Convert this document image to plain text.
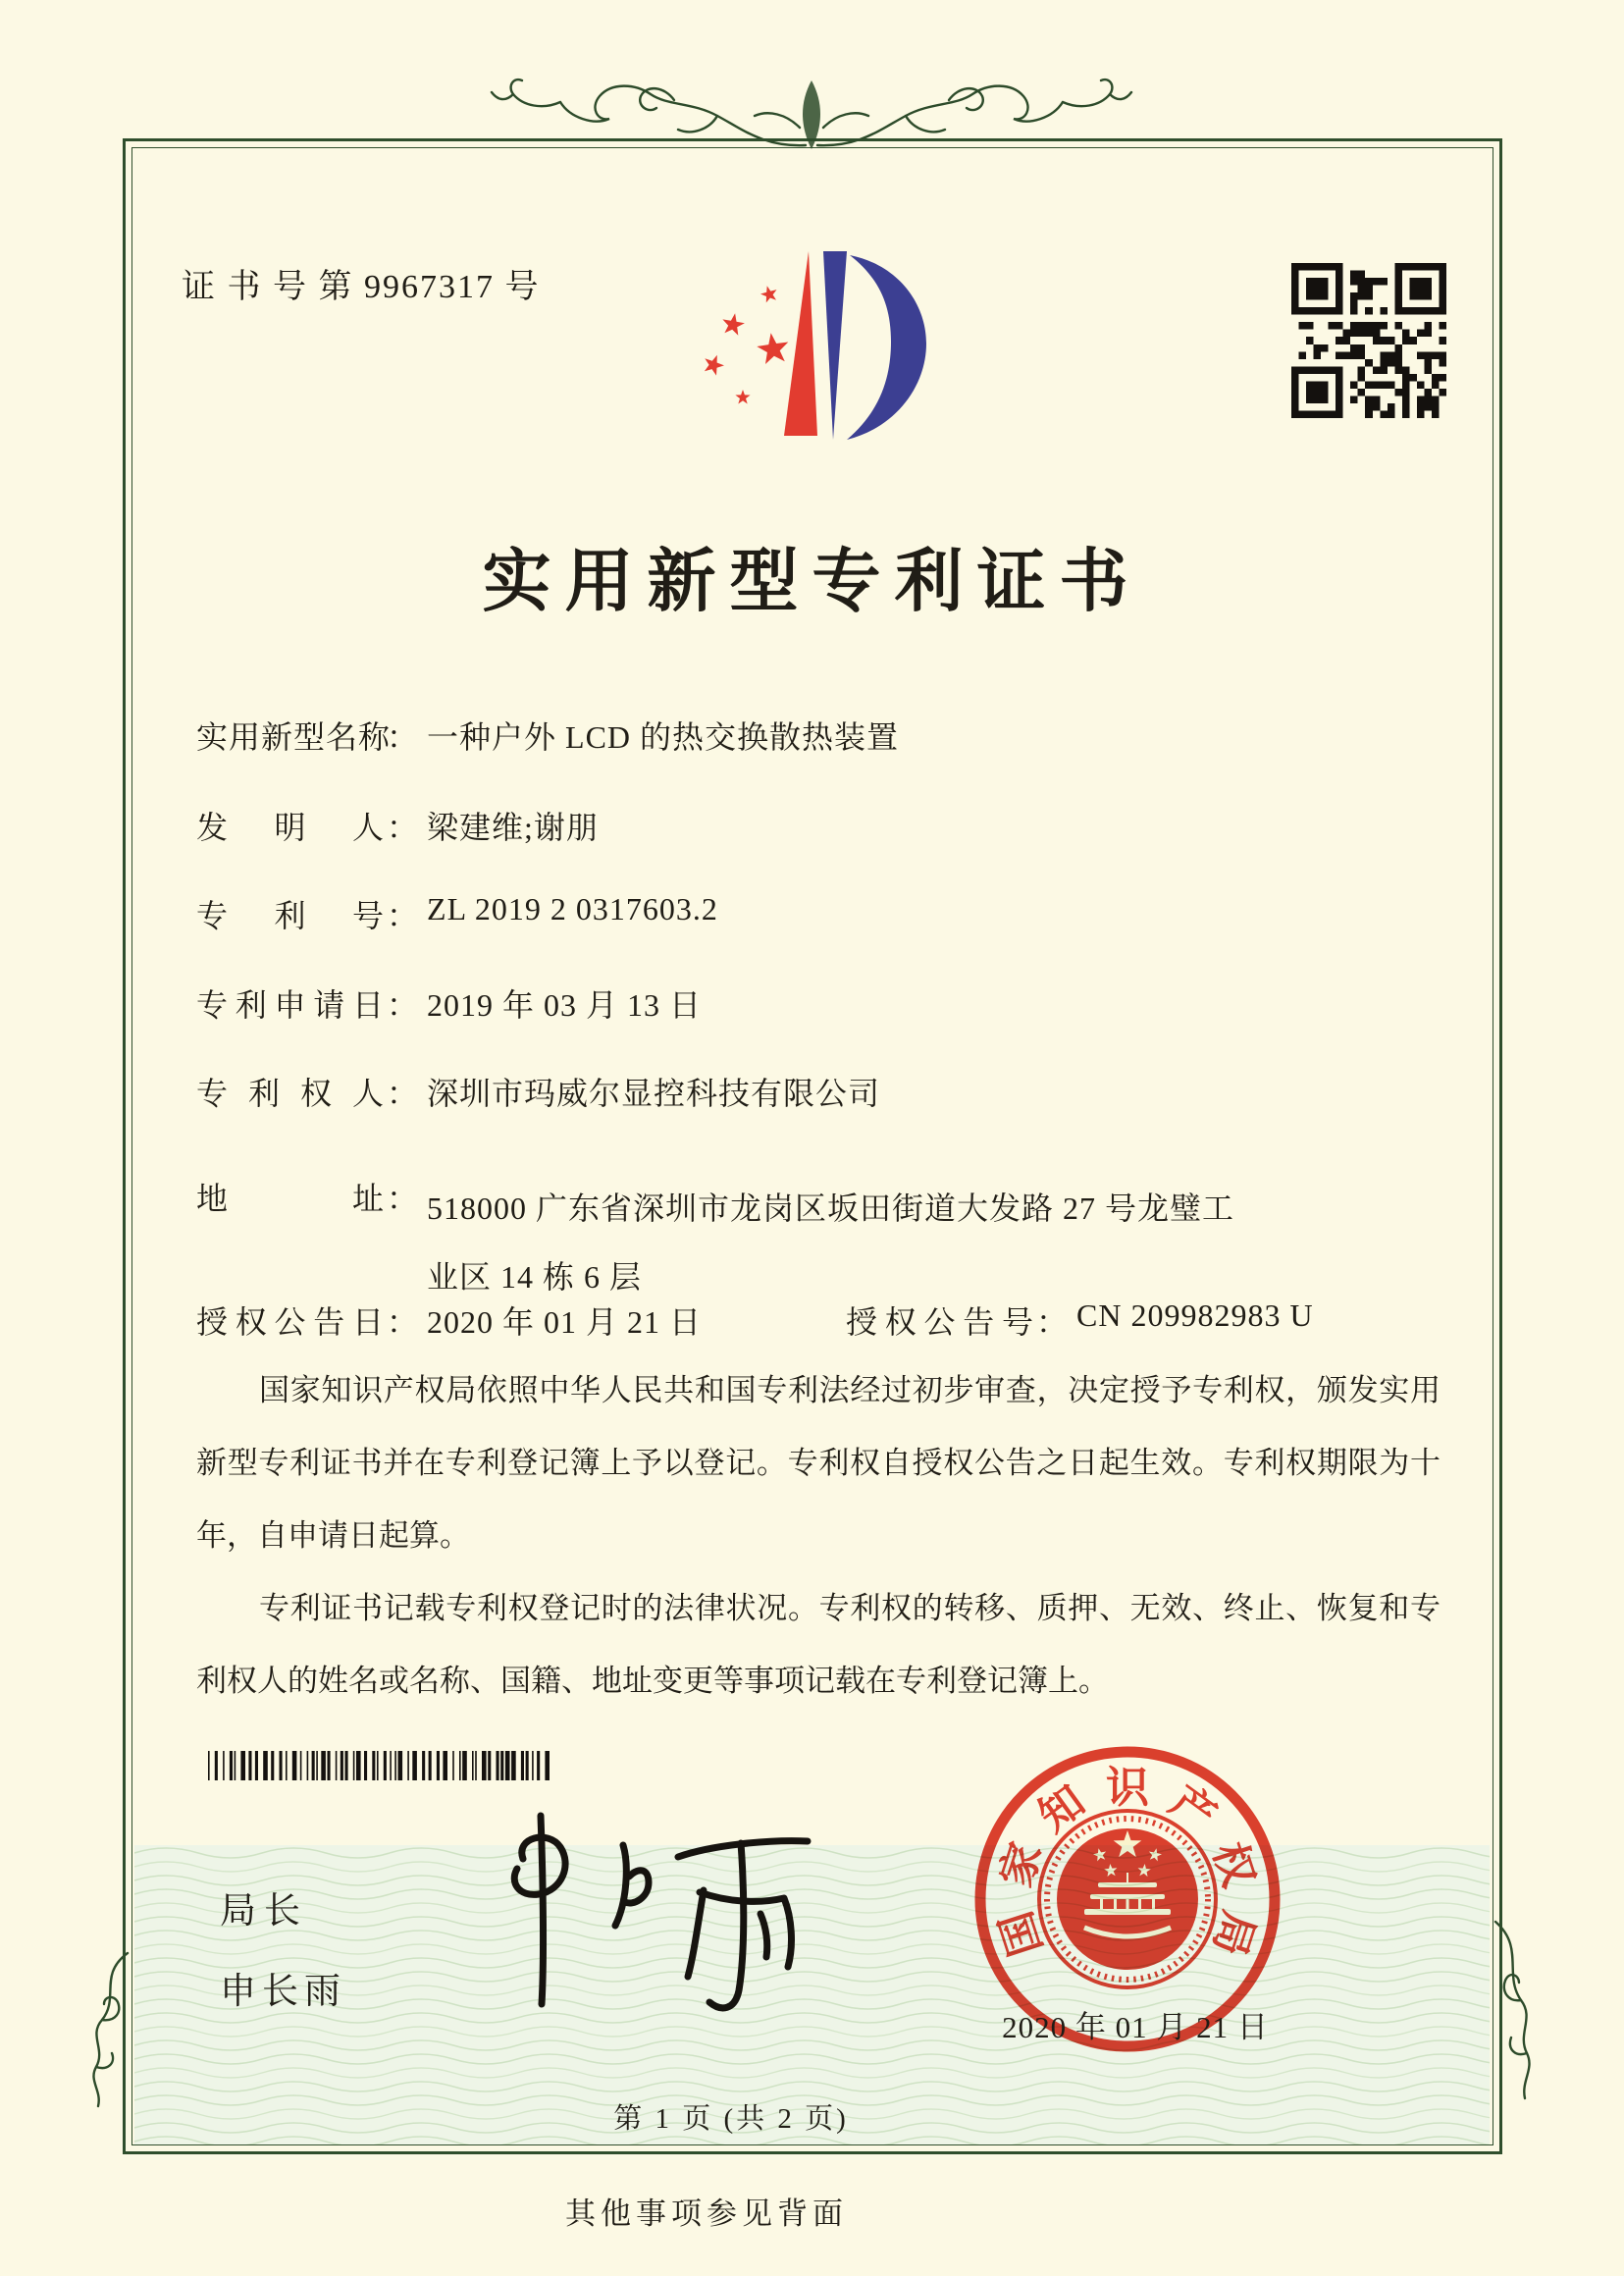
证 书 号 第 9967317 号
实用新型专利证书
实用新型名称： 一种户外 LCD 的热交换散热装置
发明人： 梁建维;谢朋
专利号： ZL 2019 2 0317603.2
专利申请日： 2019 年 03 月 13 日
专利权人： 深圳市玛威尔显控科技有限公司
地址： 518000 广东省深圳市龙岗区坂田街道大发路 27 号龙璧工
业区 14 栋 6 层
授权公告日： 2020 年 01 月 21 日	授权公告号： CN 209982983 U

国家知识产权局依照中华人民共和国专利法经过初步审查，决定授予专利权，颁发实用新型专利证书并在专利登记簿上予以登记。专利权自授权公告之日起生效。专利权期限为十年，自申请日起算。

专利证书记载专利权登记时的法律状况。专利权的转移、质押、无效、终止、恢复和专利权人的姓名或名称、国籍、地址变更等事项记载在专利登记簿上。

局长
申长雨
国
家
知 识 产
权
局
2020 年 01 月 21 日
第 1 页 (共 2 页)
其他事项参见背面
